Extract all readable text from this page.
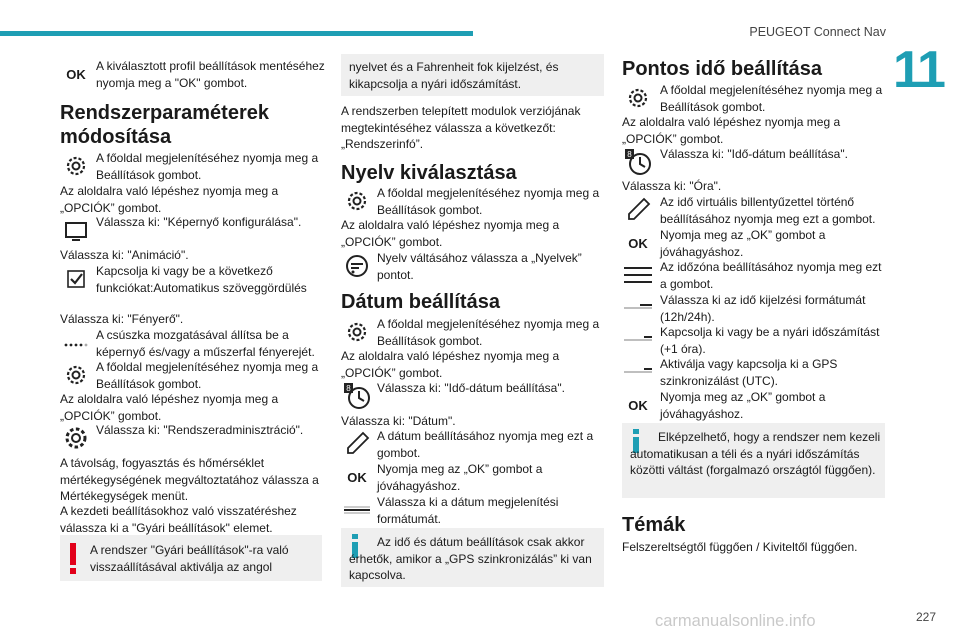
PEUGEOT Connect Nav
11
227
carmanualsonline.info
OK
A kiválasztott profil beállítások mentéséhez nyomja meg a "OK" gombot.
Rendszerparaméterek módosítása
A főoldal megjelenítéséhez nyomja meg a Beállítások gombot.
Az aloldalra való lépéshez nyomja meg a „OPCIÓK” gombot.
Válassza ki: "Képernyő konfigurálása".
Válassza ki: "Animáció".
Kapcsolja ki vagy be a következő funkciókat:Automatikus szöveggördülés
Válassza ki: "Fényerő".
A csúszka mozgatásával állítsa be a képernyő és/vagy a műszerfal fényerejét.
A főoldal megjelenítéséhez nyomja meg a Beállítások gombot.
Az aloldalra való lépéshez nyomja meg a „OPCIÓK” gombot.
Válassza ki: "Rendszeradminisztráció".
A távolság, fogyasztás és hőmérséklet mértékegységének megváltoztatához válassza a Mértékegységek menüt.
A kezdeti beállításokhoz való visszatéréshez válassza ki a "Gyári beállítások" elemet.
A rendszer "Gyári beállítások"-ra való visszaállításával aktiválja az angol
nyelvet és a Fahrenheit fok kijelzést, és kikapcsolja a nyári időszámítást.
A rendszerben telepített modulok verziójának megtekintéséhez válassza a következőt: „Rendszerinfó”.
Nyelv kiválasztása
A főoldal megjelenítéséhez nyomja meg a Beállítások gombot.
Az aloldalra való lépéshez nyomja meg a „OPCIÓK” gombot.
Nyelv váltásához válassza a „Nyelvek” pontot.
Dátum beállítása
A főoldal megjelenítéséhez nyomja meg a Beállítások gombot.
Az aloldalra való lépéshez nyomja meg a „OPCIÓK” gombot.
8 Válassza ki: "Idő-dátum beállítása".
Válassza ki: "Dátum".
A dátum beállításához nyomja meg ezt a gombot.
OK
Nyomja meg az „OK” gombot a jóváhagyáshoz.
Válassza ki a dátum megjelenítési formátumát.
Az idő és dátum beállítások csak akkor érhetők, amikor a „GPS szinkronizálás” ki van kapcsolva.
Pontos idő beállítása
A főoldal megjelenítéséhez nyomja meg a Beállítások gombot.
Az aloldalra való lépéshez nyomja meg a „OPCIÓK” gombot.
8 Válassza ki: "Idő-dátum beállítása".
Válassza ki: "Óra".
Az idő virtuális billentyűzettel történő beállításához nyomja meg ezt a gombot.
OK
Nyomja meg az „OK” gombot a jóváhagyáshoz.
Az időzóna beállításához nyomja meg ezt a gombot.
Válassza ki az idő kijelzési formátumát (12h/24h).
Kapcsolja ki vagy be a nyári időszámítást (+1 óra).
Aktiválja vagy kapcsolja ki a GPS szinkronizálást (UTC).
OK
Nyomja meg az „OK” gombot a jóváhagyáshoz.
Elképzelhető, hogy a rendszer nem kezeli automatikusan a téli és a nyári időszámítás közötti váltást (forgalmazó országtól függően).
Témák
Felszereltségtől függően / Kiviteltől függően.
